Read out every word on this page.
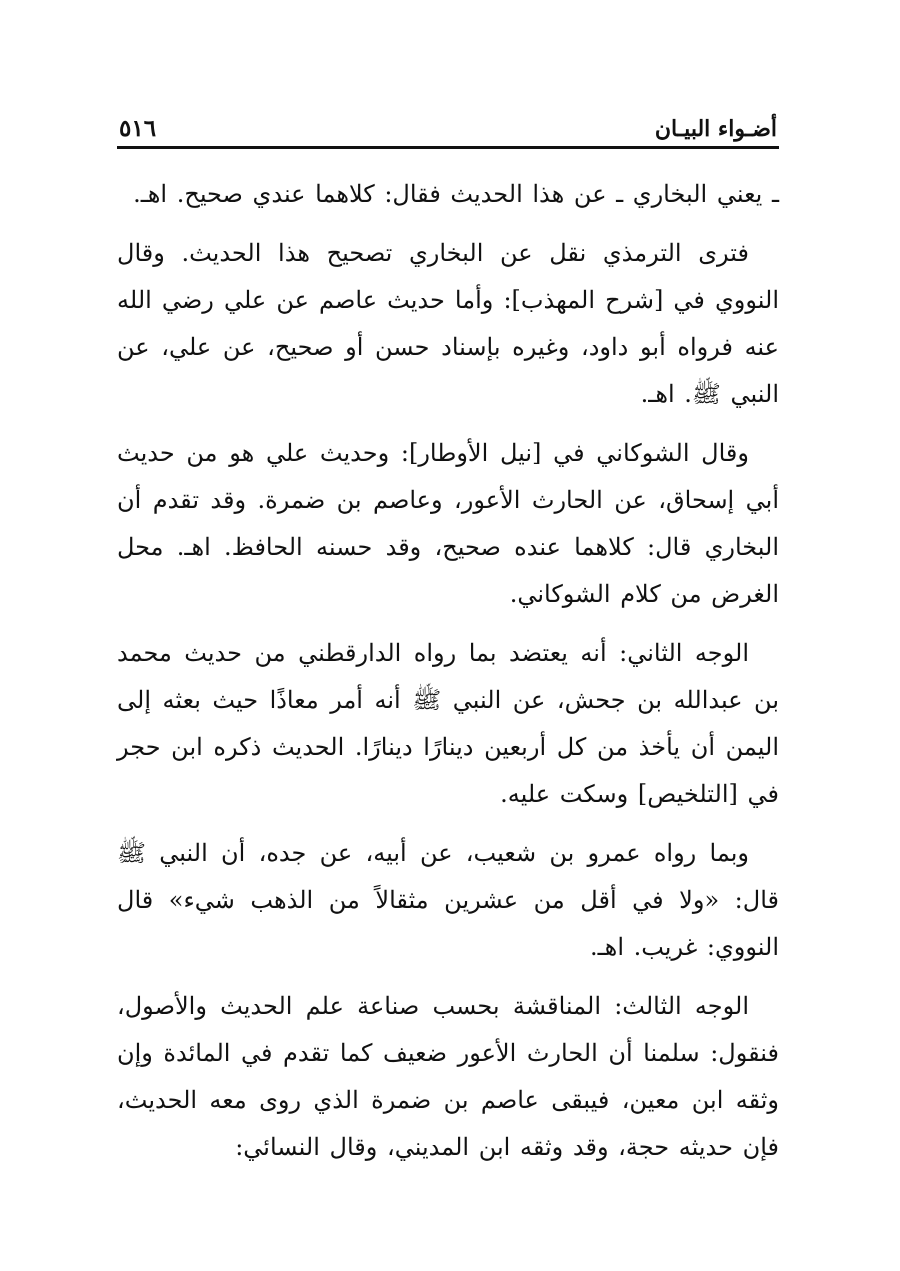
أضـواء البيـان
٥١٦

ـ يعني البخاري ـ عن هذا الحديث فقال: كلاهما عندي صحيح. اهـ.

فترى الترمذي نقل عن البخاري تصحيح هذا الحديث. وقال النووي في [شرح المهذب]: وأما حديث عاصم عن علي رضي الله عنه فرواه أبو داود، وغيره بإسناد حسن أو صحيح، عن علي، عن النبي ﷺ. اهـ.

وقال الشوكاني في [نيل الأوطار]: وحديث علي هو من حديث أبي إسحاق، عن الحارث الأعور، وعاصم بن ضمرة. وقد تقدم أن البخاري قال: كلاهما عنده صحيح، وقد حسنه الحافظ. اهـ. محل الغرض من كلام الشوكاني.

الوجه الثاني: أنه يعتضد بما رواه الدارقطني من حديث محمد بن عبدالله بن جحش، عن النبي ﷺ أنه أمر معاذًا حيث بعثه إلى اليمن أن يأخذ من كل أربعين دينارًا دينارًا. الحديث ذكره ابن حجر في [التلخيص] وسكت عليه.

وبما رواه عمرو بن شعيب، عن أبيه، عن جده، أن النبي ﷺ قال: «ولا في أقل من عشرين مثقالاً من الذهب شيء» قال النووي: غريب. اهـ.

الوجه الثالث: المناقشة بحسب صناعة علم الحديث والأصول، فنقول: سلمنا أن الحارث الأعور ضعيف كما تقدم في المائدة وإن وثقه ابن معين، فيبقى عاصم بن ضمرة الذي روى معه الحديث، فإن حديثه حجة، وقد وثقه ابن المديني، وقال النسائي:
